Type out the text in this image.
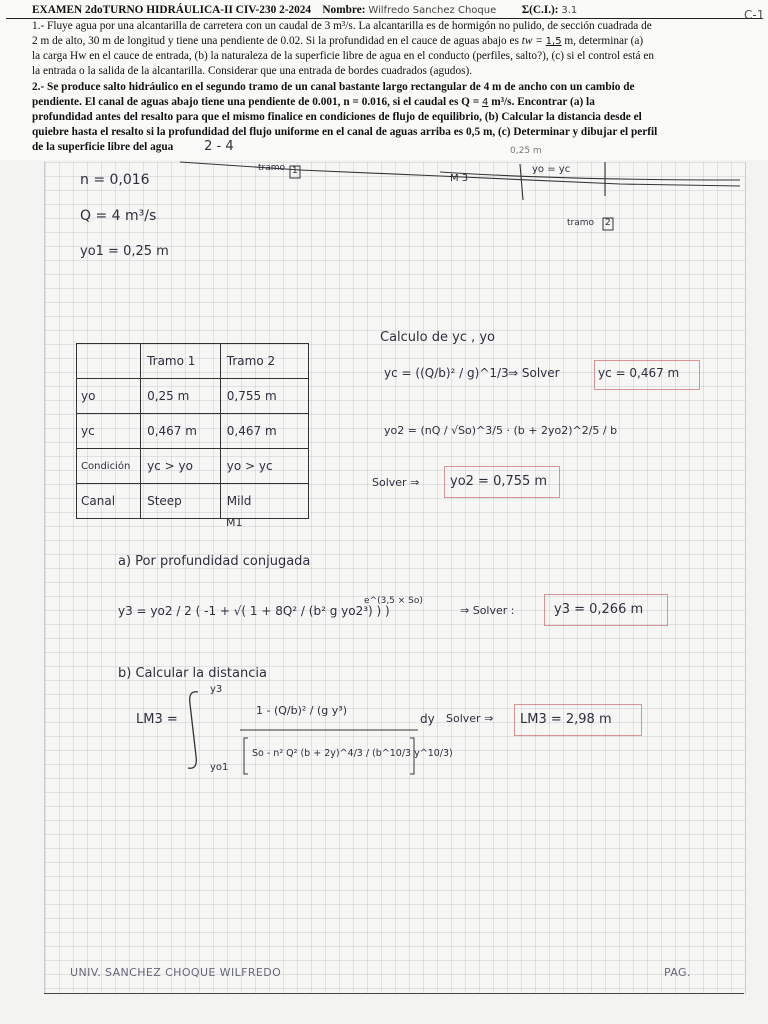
EXAMEN 2doTURNO HIDRÁULICA-II CIV-230 2-2024 Nombre: Wilfredo Sanchez Choque Σ(C.I.): 3.1	C-1
1.- Fluye agua por una alcantarilla de carretera con un caudal de 3 m³/s. La alcantarilla es de hormigón no pulido, de sección cuadrada de
2 m de alto, 30 m de longitud y tiene una pendiente de 0.02. Si la profundidad en el cauce de aguas abajo es tw = 1,5 m, determinar (a)
la carga Hw en el cauce de entrada, (b) la naturaleza de la superficie libre de agua en el conducto (perfiles, salto?), (c) si el control está en
la entrada o la salida de la alcantarilla. Considerar que una entrada de bordes cuadrados (agudos).
2.- Se produce salto hidráulico en el segundo tramo de un canal bastante largo rectangular de 4 m de ancho con un cambio de
pendiente. El canal de aguas abajo tiene una pendiente de 0.001, n = 0.016, si el caudal es Q = 4 m³/s. Encontrar (a) la
profundidad antes del resalto para que el mismo finalice en condiciones de flujo de equilibrio, (b) Calcular la distancia desde el
quiebre hasta el resalto si la profundidad del flujo uniforme en el canal de aguas arriba es 0,5 m, (c) Determinar y dibujar el perfil
de la superficie libre del agua 2 - 4
tramo 1
tramo 2
M 3
yo = yc
0,25 m
n = 0,016
Q = 4 m³/s
yo1 = 0,25 m
Calculo de yc , yo
yc = ((Q/b)² / g)^1/3 ⇒ Solver	yc = 0,467 m
yo2 = (nQ / √So)^3/5 · (b + 2yo2)^2/5 / b
Solver ⇒ yo2 = 0,755 m
	Tramo 1	Tramo 2
yo	0,25 m	0,755 m
yc	0,467 m	0,467 m
Condición	yc > yo	yo > yc
Canal	Steep	Mild
M1
a) Por profundidad conjugada
y3 = yo2 / 2 ( -1 + √( 1 + 8Q² / (b² g yo2³) ) )
e^(3,5 × So)
⇒ Solver :	y3 = 0,266 m
b) Calcular la distancia
LM3 =
y3
yo1
1 - (Q/b)² / (g y³)
So - n² Q² (b + 2y)^4/3 / (b^10/3 y^10/3)
dy Solver ⇒ LM3 = 2,98 m
UNIV. SANCHEZ CHOQUE WILFREDO	PAG.
